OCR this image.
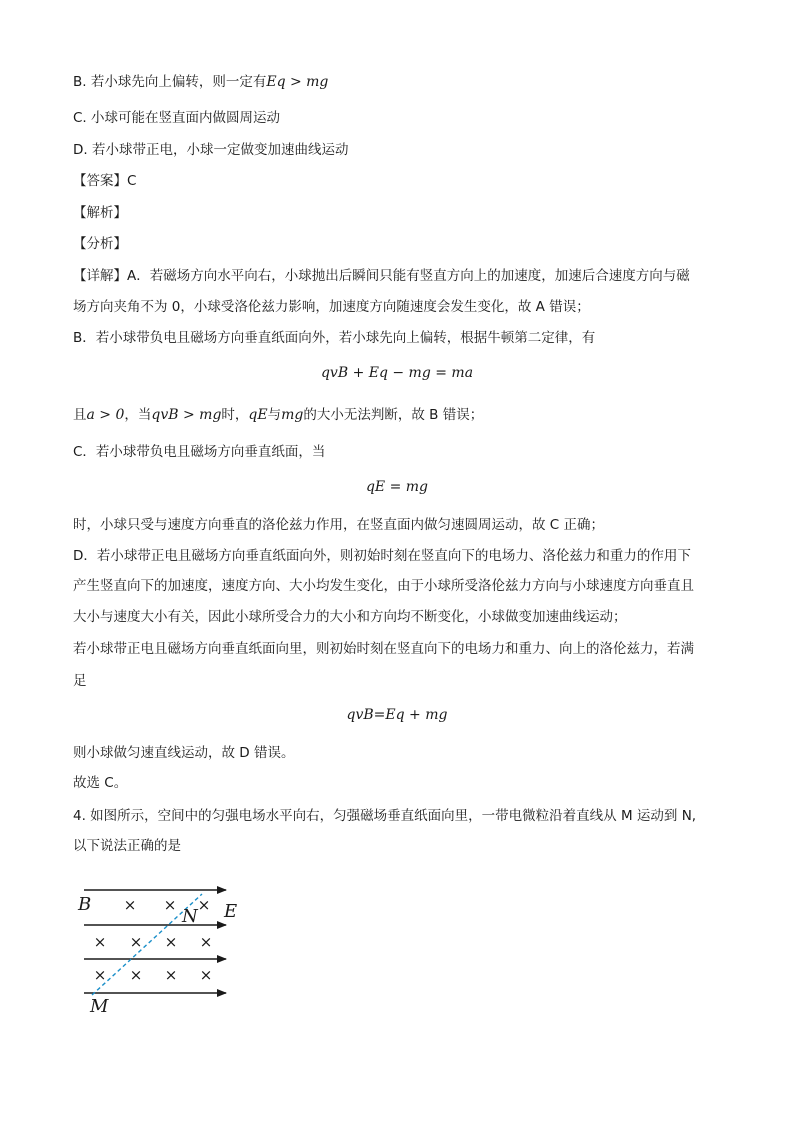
B. 若小球先向上偏转，则一定有Eq > mg
C. 小球可能在竖直面内做圆周运动
D. 若小球带正电，小球一定做变加速曲线运动
【答案】C
【解析】
【分析】
【详解】A．若磁场方向水平向右，小球抛出后瞬间只能有竖直方向上的加速度，加速后合速度方向与磁
场方向夹角不为 0，小球受洛伦兹力影响，加速度方向随速度会发生变化，故 A 错误；
B．若小球带负电且磁场方向垂直纸面向外，若小球先向上偏转，根据牛顿第二定律，有
qvB + Eq − mg = ma
且a > 0，当qvB > mg时，qE与mg的大小无法判断，故 B 错误；
C．若小球带负电且磁场方向垂直纸面，当
qE = mg
时，小球只受与速度方向垂直的洛伦兹力作用，在竖直面内做匀速圆周运动，故 C 正确；
D．若小球带正电且磁场方向垂直纸面向外，则初始时刻在竖直向下的电场力、洛伦兹力和重力的作用下
产生竖直向下的加速度，速度方向、大小均发生变化，由于小球所受洛伦兹力方向与小球速度方向垂直且
大小与速度大小有关，因此小球所受合力的大小和方向均不断变化，小球做变加速曲线运动；
若小球带正电且磁场方向垂直纸面向里，则初始时刻在竖直向下的电场力和重力、向上的洛伦兹力，若满
足
qvB=Eq + mg
则小球做匀速直线运动，故 D 错误。
故选 C。
4. 如图所示，空间中的匀强电场水平向右，匀强磁场垂直纸面向里，一带电微粒沿着直线从 M 运动到 N,
以下说法正确的是
× × ×
× × × ×
× × × ×
B
N E
M
